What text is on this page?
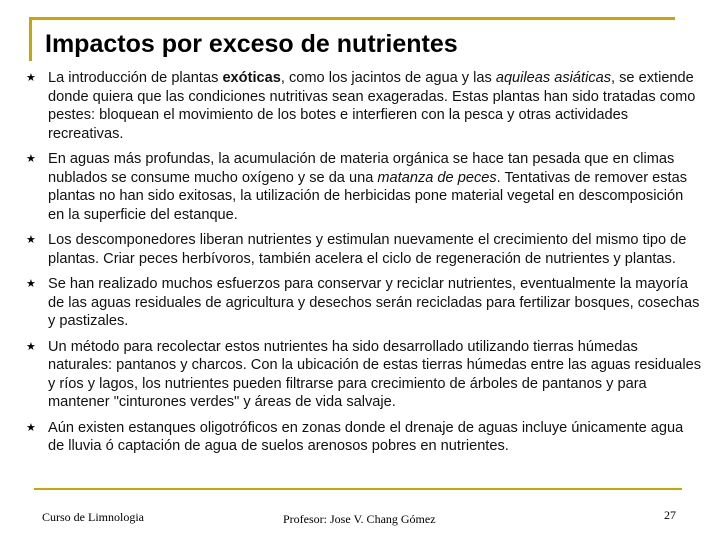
Impactos por exceso de nutrientes
★ La introducción de plantas exóticas, como los jacintos de agua y las aquileas asiáticas, se extiende donde quiera que las condiciones nutritivas sean exageradas. Estas plantas han sido tratadas como pestes: bloquean el movimiento de los botes e interfieren con la pesca y otras actividades recreativas.
★ En aguas más profundas, la acumulación de materia orgánica se hace tan pesada que en climas nublados se consume mucho oxígeno y se da una matanza de peces. Tentativas de remover estas plantas no han sido exitosas, la utilización de herbicidas pone material vegetal en descomposición en la superficie del estanque.
★ Los descomponedores liberan nutrientes y estimulan nuevamente el crecimiento del mismo tipo de plantas. Criar peces herbívoros, también acelera el ciclo de regeneración de nutrientes y plantas.
★ Se han realizado muchos esfuerzos para conservar y reciclar nutrientes, eventualmente la mayoría de las aguas residuales de agricultura y desechos serán recicladas para fertilizar bosques, cosechas y pastizales.
★ Un método para recolectar estos nutrientes ha sido desarrollado utilizando tierras húmedas naturales: pantanos y charcos. Con la ubicación de estas tierras húmedas entre las aguas residuales y ríos y lagos, los nutrientes pueden filtrarse para crecimiento de árboles de pantanos y para mantener "cinturones verdes" y áreas de vida salvaje.
★ Aún existen estanques oligotróficos en zonas donde el drenaje de aguas incluye únicamente agua de lluvia ó captación de agua de suelos arenosos pobres en nutrientes.
Curso de Limnologia	Profesor: Jose V. Chang Gómez	27
